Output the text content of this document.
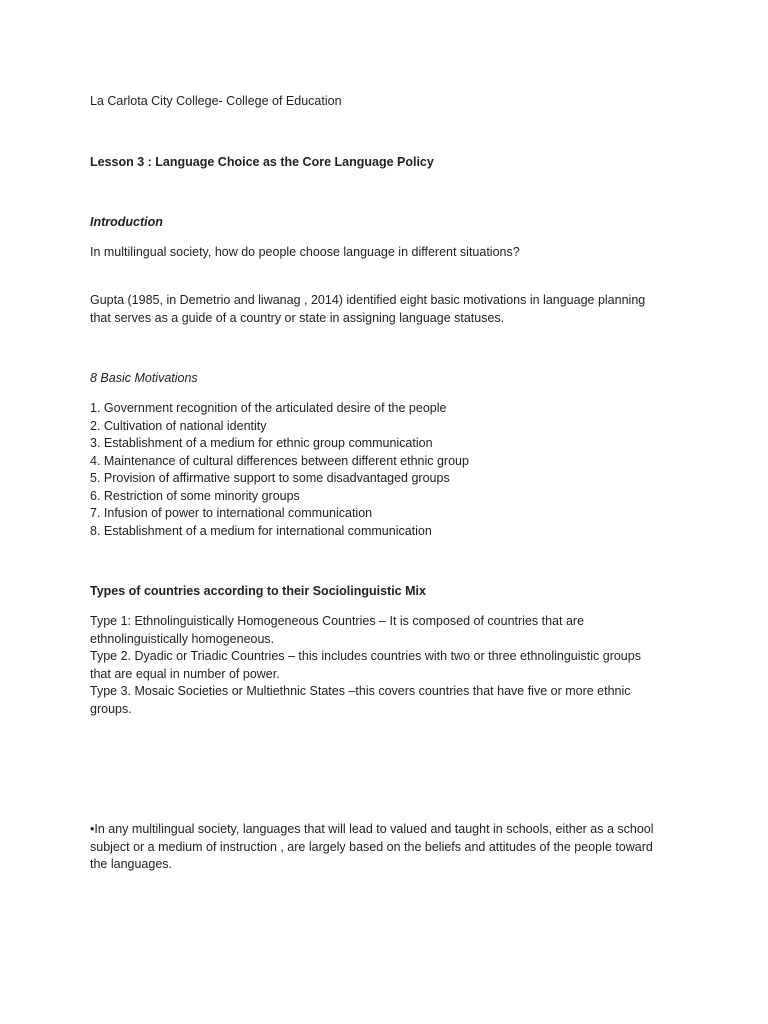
La Carlota City College- College of Education

Lesson 3 : Language Choice as the Core Language Policy

Introduction

In multilingual society, how do people choose language in different situations?

Gupta (1985, in Demetrio and liwanag , 2014) identified eight basic motivations in language planning
that serves as a guide of a country or state in assigning language statuses.

8 Basic Motivations

1. Government recognition of the articulated desire of the people
2. Cultivation of national identity
3. Establishment of a medium for ethnic group communication
4. Maintenance of cultural differences between different ethnic group
5. Provision of affirmative support to some disadvantaged groups
6. Restriction of some minority groups
7. Infusion of power to international communication
8. Establishment of a medium for international communication

Types of countries according to their Sociolinguistic Mix

Type 1: Ethnolinguistically Homogeneous Countries – It is composed of countries that are
ethnolinguistically homogeneous.
Type 2. Dyadic or Triadic Countries – this includes countries with two or three ethnolinguistic groups
that are equal in number of power.
Type 3. Mosaic Societies or Multiethnic States –this covers countries that have five or more ethnic
groups.
•In any multilingual society, languages that will lead to valued and taught in schools, either as a school
subject or a medium of instruction , are largely based on the beliefs and attitudes of the people toward
the languages.
